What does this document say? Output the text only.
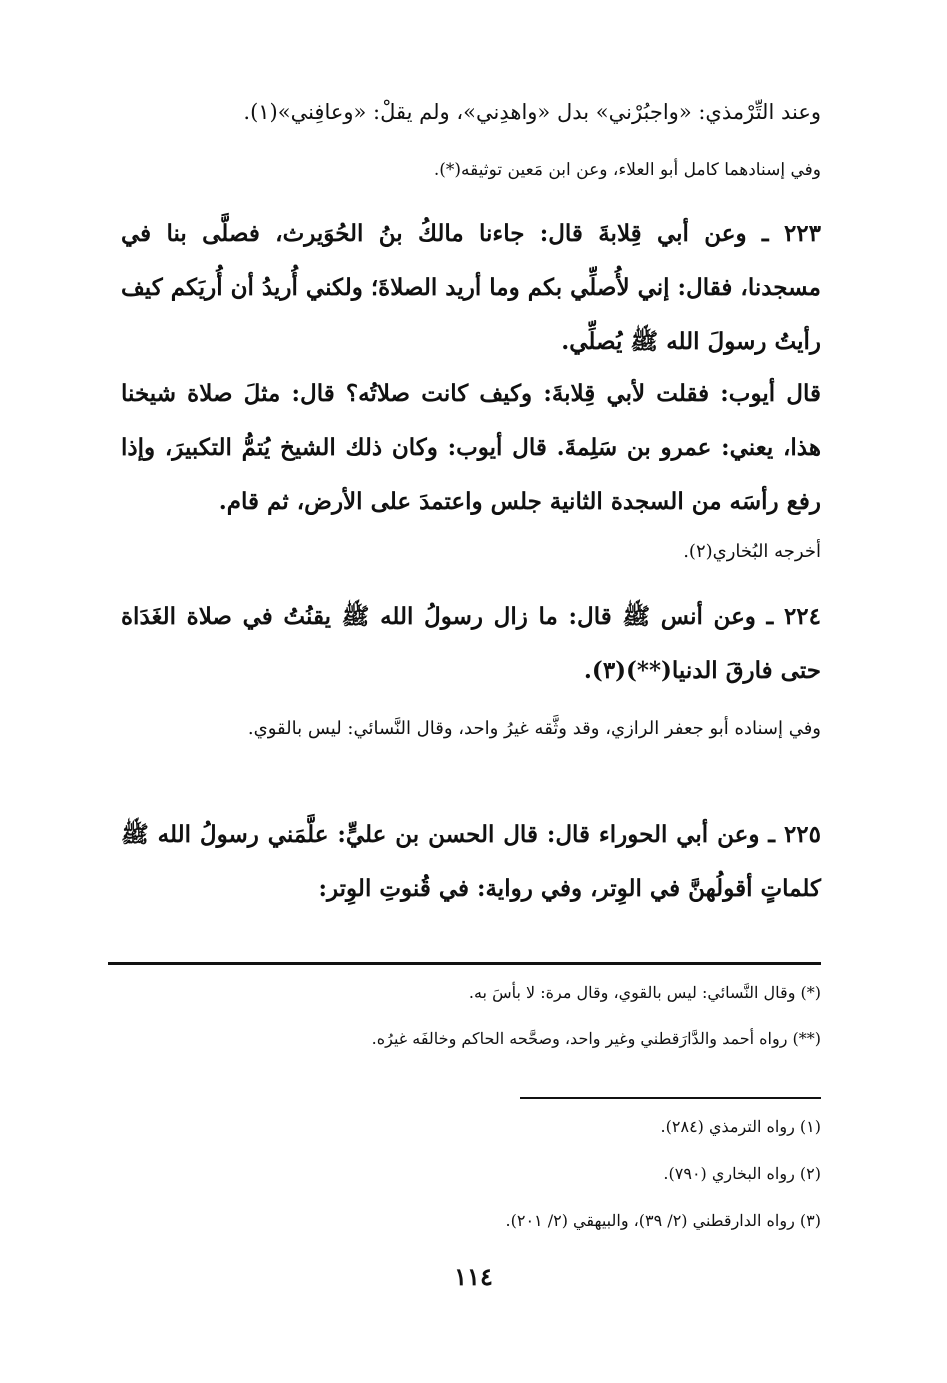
وعند التِّرْمذي: «واجبُرْني» بدل «واهدِني»، ولم يقلْ: «وعافِني»(١).

وفي إسنادهما كامل أبو العلاء، وعن ابن مَعين توثيقه(*).

٢٢٣ ـ وعن أبي قِلابةَ قال: جاءنا مالكُ بنُ الحُوَيرث، فصلَّى بنا في مسجدنا، فقال: إني لأُصلِّي بكم وما أريد الصلاةَ؛ ولكني أُريدُ أن أُريَكم كيف رأيتُ رسولَ الله ﷺ يُصلِّي.

قال أيوب: فقلت لأبي قِلابةَ: وكيف كانت صلاتُه؟ قال: مثلَ صلاة شيخنا هذا، يعني: عمرو بن سَلِمةَ. قال أيوب: وكان ذلك الشيخ يُتمُّ التكبيرَ، وإذا رفع رأسَه من السجدة الثانية جلس واعتمدَ على الأرض، ثم قام.

أخرجه البُخاري(٢).

٢٢٤ ـ وعن أنس ﷺ قال: ما زال رسولُ الله ﷺ يقنُتُ في صلاة الغَدَاة حتى فارقَ الدنيا(**)(٣).

وفي إسناده أبو جعفر الرازي، وقد وثَّقه غيرُ واحد، وقال النَّسائي: ليس بالقوي.

٢٢٥ ـ وعن أبي الحوراء قال: قال الحسن بن عليٍّ: علَّمَني رسولُ الله ﷺ كلماتٍ أقولُهنَّ في الوِتر، وفي رواية: في قُنوتِ الوِتر:

(*) وقال النَّسائي: ليس بالقوي، وقال مرة: لا بأسَ به.

(**) رواه أحمد والدَّارَقطني وغير واحد، وصحَّحه الحاكم وخالفَه غيرُه.

(١) رواه الترمذي (٢٨٤).

(٢) رواه البخاري (٧٩٠).

(٣) رواه الدارقطني (٢/ ٣٩)، والبيهقي (٢/ ٢٠١).

١١٤
